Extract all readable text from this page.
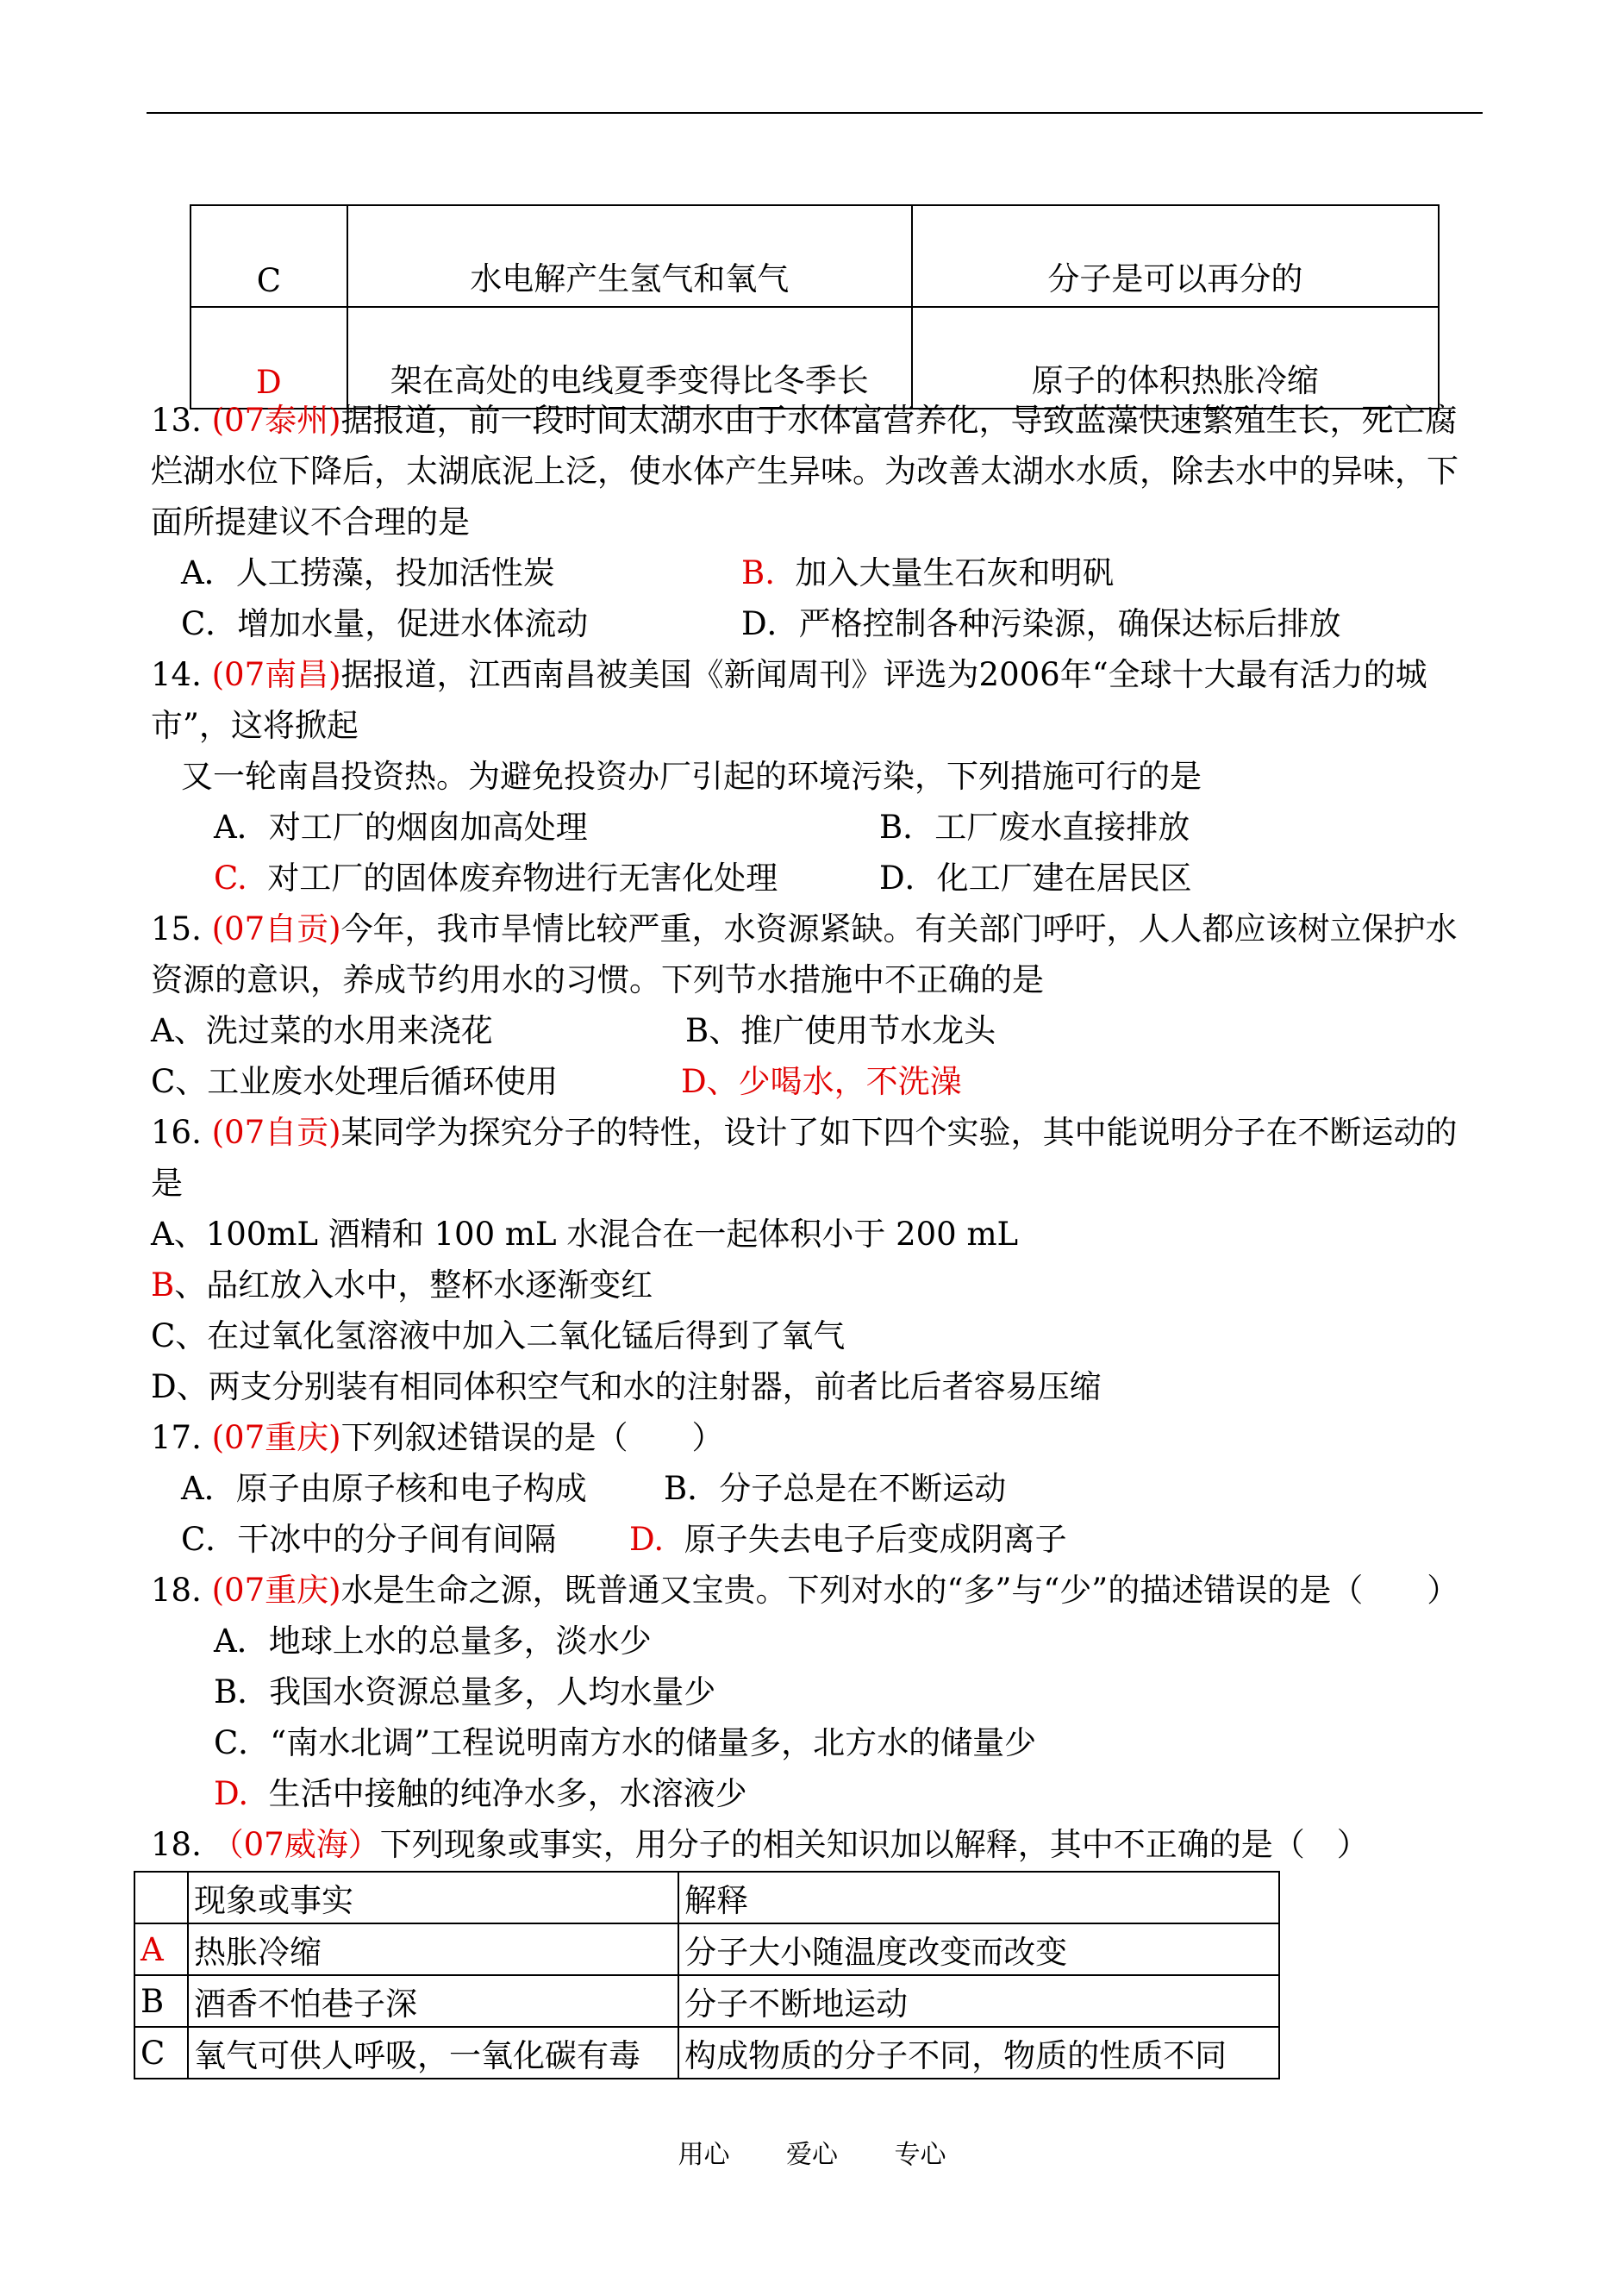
C	水电解产生氢气和氧气	分子是可以再分的
D	架在高处的电线夏季变得比冬季长	原子的体积热胀冷缩
13. (07泰州)据报道，前一段时间太湖水由于水体富营养化，导致蓝藻快速繁殖生长，死亡腐
烂湖水位下降后，太湖底泥上泛，使水体产生异味。为改善太湖水水质，除去水中的异味，下
面所提建议不合理的是
A．人工捞藻，投加活性炭	B. 加入大量生石灰和明矾
C．增加水量，促进水体流动	D．严格控制各种污染源，确保达标后排放
14. (07南昌)据报道，江西南昌被美国《新闻周刊》评选为2006年“全球十大最有活力的城
市”，这将掀起
又一轮南昌投资热。为避免投资办厂引起的环境污染，下列措施可行的是
A．对工厂的烟囱加高处理	B．工厂废水直接排放
C. 对工厂的固体废弃物进行无害化处理	D．化工厂建在居民区
15. (07自贡)今年，我市旱情比较严重，水资源紧缺。有关部门呼吁，人人都应该树立保护水
资源的意识，养成节约用水的习惯。下列节水措施中不正确的是
A、洗过菜的水用来浇花	B、推广使用节水龙头
C、工业废水处理后循环使用	D、少喝水，不洗澡
16. (07自贡)某同学为探究分子的特性，设计了如下四个实验，其中能说明分子在不断运动的
是
A、100mL 酒精和 100 mL 水混合在一起体积小于 200 mL
B、品红放入水中，整杯水逐渐变红
C、在过氧化氢溶液中加入二氧化锰后得到了氧气
D、两支分别装有相同体积空气和水的注射器，前者比后者容易压缩
17. (07重庆)下列叙述错误的是（　　）
A．原子由原子核和电子构成 B．分子总是在不断运动
C．干冰中的分子间有间隔 D. 原子失去电子后变成阴离子
18. (07重庆)水是生命之源，既普通又宝贵。下列对水的“多”与“少”的描述错误的是（　　）
A．地球上水的总量多，淡水少
B．我国水资源总量多，人均水量少
C．“南水北调”工程说明南方水的储量多，北方水的储量少
D. 生活中接触的纯净水多，水溶液少
18. （07威海）下列现象或事实，用分子的相关知识加以解释，其中不正确的是（　）
	现象或事实	解释
A	热胀冷缩	分子大小随温度改变而改变
B	酒香不怕巷子深	分子不断地运动
C	氧气可供人呼吸，一氧化碳有毒	构成物质的分子不同，物质的性质不同
用心 爱心 专心
